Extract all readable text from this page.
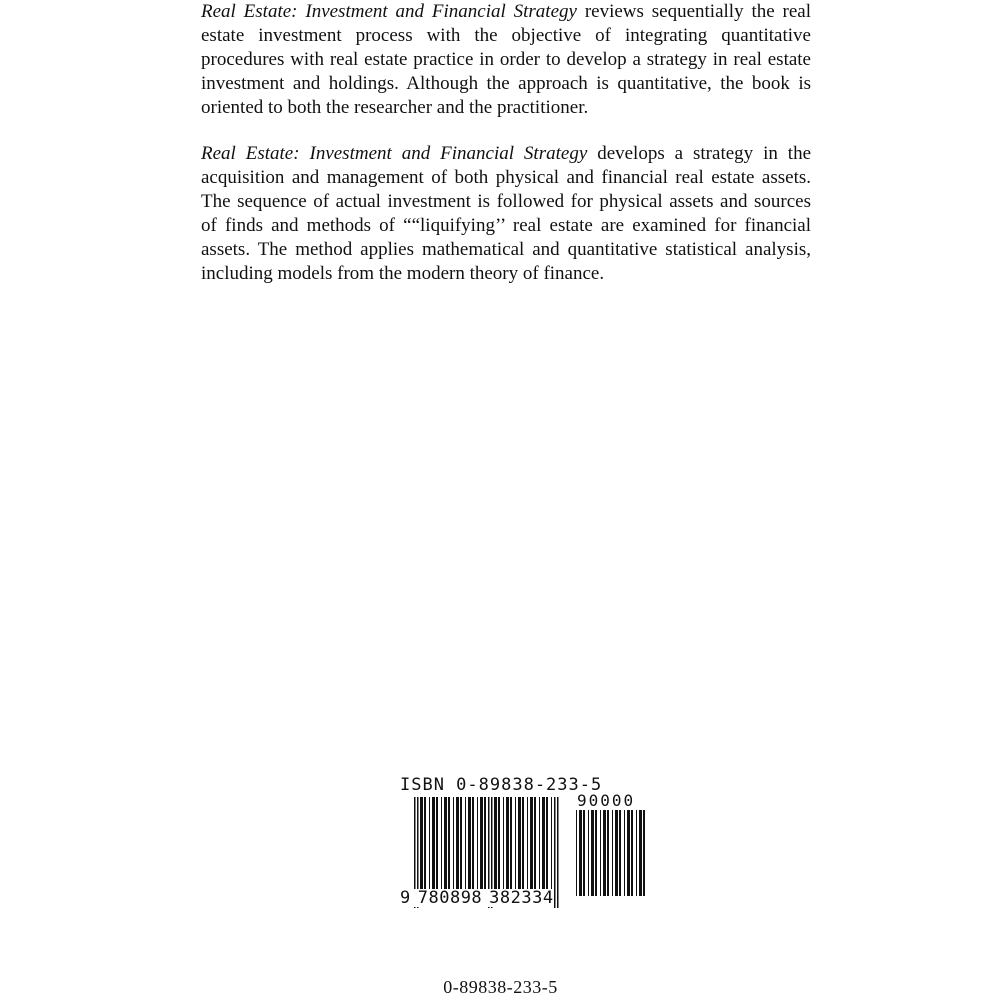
Real Estate: Investment and Financial Strategy reviews sequentially the real estate investment process with the objective of integrating quantitative procedures with real estate practice in order to develop a strategy in real estate investment and holdings. Although the approach is quantitative, the book is oriented to both the researcher and the practitioner.

Real Estate: Investment and Financial Strategy develops a strategy in the acquisition and management of both physical and financial real estate assets. The sequence of actual investment is followed for physical assets and sources of finds and methods of ““liquifying’’ real estate are examined for financial assets. The method applies mathematical and quantitative statistical analysis, including models from the modern theory of finance.

ISBN 0-89838-233-5
90000
9 780898 382334
0-89838-233-5
